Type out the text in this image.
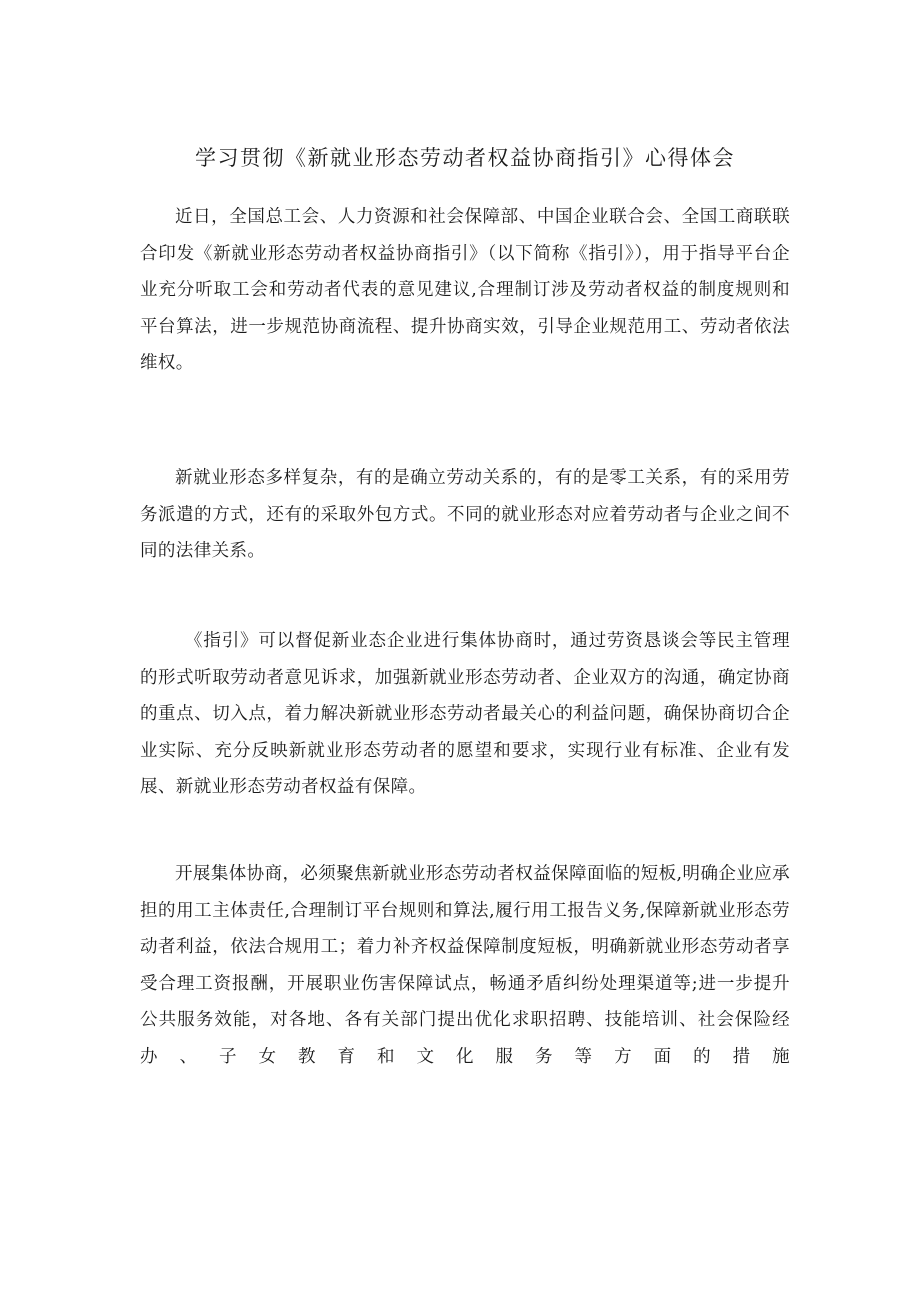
学习贯彻《新就业形态劳动者权益协商指引》心得体会

近日，全国总工会、人力资源和社会保障部、中国企业联合会、全国工商联联合印发《新就业形态劳动者权益协商指引》（以下简称《指引》），用于指导平台企业充分听取工会和劳动者代表的意见建议,合理制订涉及劳动者权益的制度规则和平台算法，进一步规范协商流程、提升协商实效，引导企业规范用工、劳动者依法维权。

新就业形态多样复杂，有的是确立劳动关系的，有的是零工关系，有的采用劳务派遣的方式，还有的采取外包方式。不同的就业形态对应着劳动者与企业之间不同的法律关系。

《指引》可以督促新业态企业进行集体协商时，通过劳资恳谈会等民主管理的形式听取劳动者意见诉求，加强新就业形态劳动者、企业双方的沟通，确定协商的重点、切入点，着力解决新就业形态劳动者最关心的利益问题，确保协商切合企业实际、充分反映新就业形态劳动者的愿望和要求，实现行业有标准、企业有发展、新就业形态劳动者权益有保障。

开展集体协商，必须聚焦新就业形态劳动者权益保障面临的短板,明确企业应承担的用工主体责任,合理制订平台规则和算法,履行用工报告义务,保障新就业形态劳动者利益，依法合规用工；着力补齐权益保障制度短板，明确新就业形态劳动者享受合理工资报酬，开展职业伤害保障试点，畅通矛盾纠纷处理渠道等;进一步提升公共服务效能，对各地、各有关部门提出优化求职招聘、技能培训、社会保险经办、子女教育和文化服务等方面的措施
